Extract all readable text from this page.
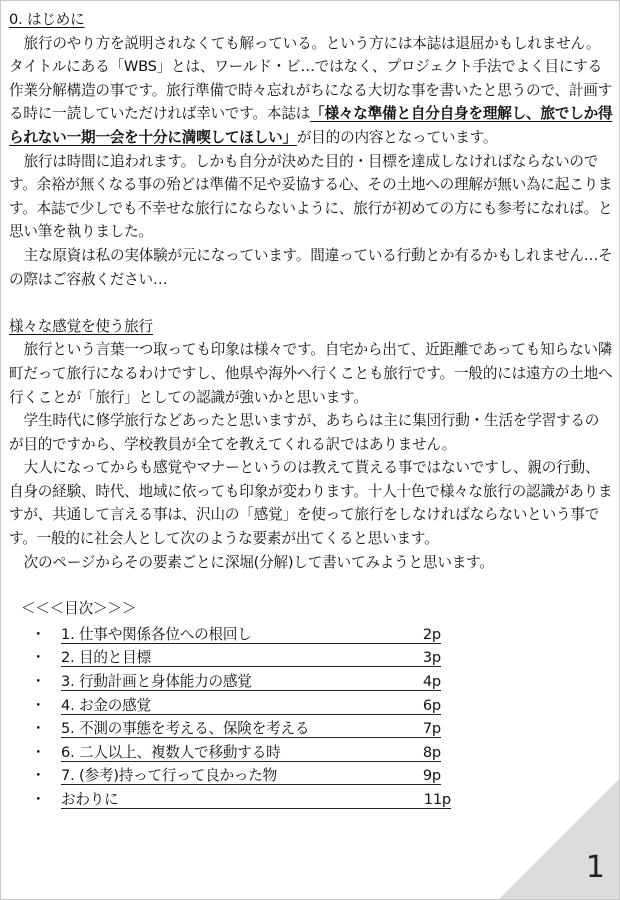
0. はじめに

旅行のやり方を説明されなくても解っている。という方には本誌は退屈かもしれません。タイトルにある「WBS」とは、ワールド・ビ…ではなく、プロジェクト手法でよく目にする作業分解構造の事です。旅行準備で時々忘れがちになる大切な事を書いたと思うので、計画する時に一読していただければ幸いです。本誌は「様々な準備と自分自身を理解し、旅でしか得られない一期一会を十分に満喫してほしい」が目的の内容となっています。

旅行は時間に追われます。しかも自分が決めた目的・目標を達成しなければならないのです。余裕が無くなる事の殆どは準備不足や妥協する心、その土地への理解が無い為に起こります。本誌で少しでも不幸せな旅行にならないように、旅行が初めての方にも参考になれば。と思い筆を執りました。

主な原資は私の実体験が元になっています。間違っている行動とか有るかもしれません…その際はご容赦ください…

様々な感覚を使う旅行

旅行という言葉一つ取っても印象は様々です。自宅から出て、近距離であっても知らない隣町だって旅行になるわけですし、他県や海外へ行くことも旅行です。一般的には遠方の土地へ行くことが「旅行」としての認識が強いかと思います。

学生時代に修学旅行などあったと思いますが、あちらは主に集団行動・生活を学習するのが目的ですから、学校教員が全てを教えてくれる訳ではありません。

大人になってからも感覚やマナーというのは教えて貰える事ではないですし、親の行動、自身の経験、時代、地域に依っても印象が変わります。十人十色で様々な旅行の認識がありますが、共通して言える事は、沢山の「感覚」を使って旅行をしなければならないという事です。一般的に社会人として次のような要素が出てくると思います。

次のページからその要素ごとに深堀(分解)して書いてみようと思います。

＜＜＜目次＞＞＞
・ 1. 仕事や関係各位への根回し	2p
・ 2. 目的と目標	3p
・ 3. 行動計画と身体能力の感覚	4p
・ 4. お金の感覚	6p
・ 5. 不測の事態を考える、保険を考える	7p
・ 6. 二人以上、複数人で移動する時	8p
・ 7. (参考)持って行って良かった物	9p
・ おわりに	11p
1
